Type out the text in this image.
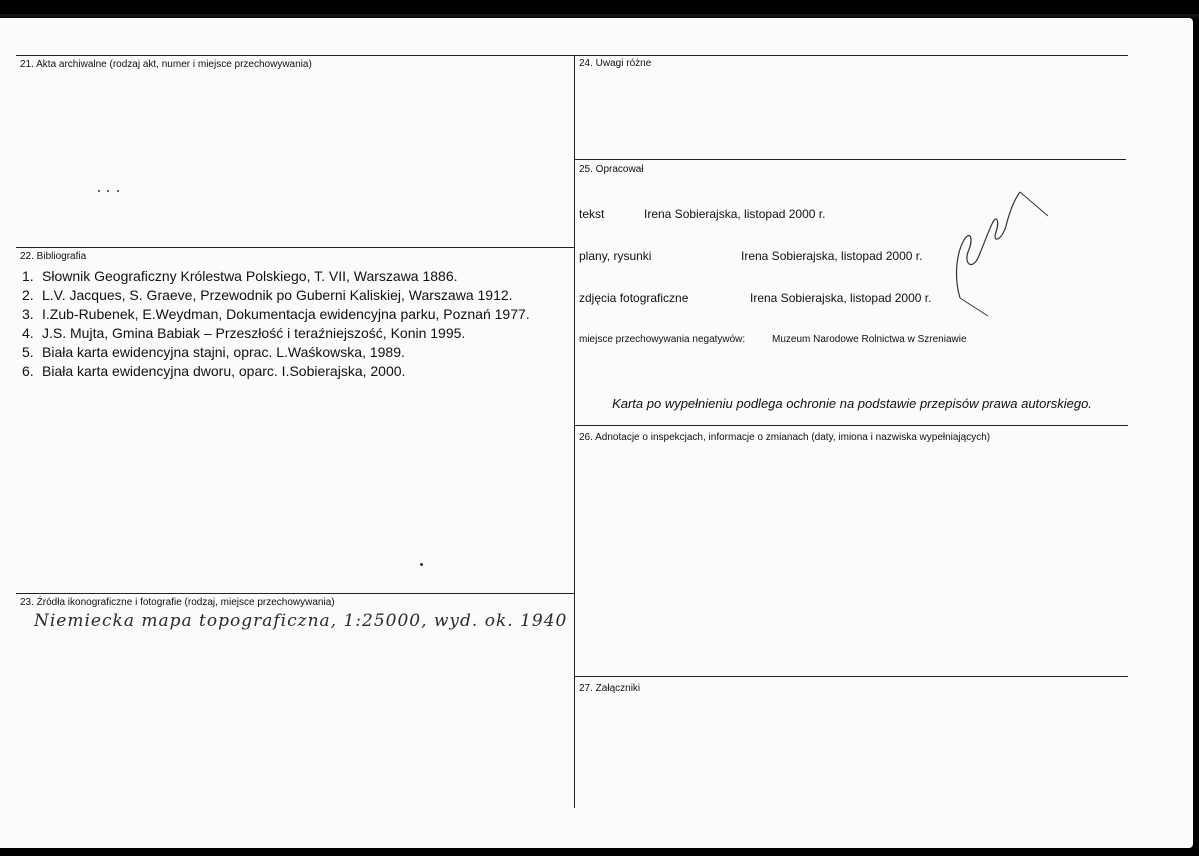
21. Akta archiwalne (rodzaj akt, numer i miejsce przechowywania)
22. Bibliografia
1. Słownik Geograficzny Królestwa Polskiego, T. VII, Warszawa 1886.
2. L.V. Jacques, S. Graeve, Przewodnik po Guberni Kaliskiej, Warszawa 1912.
3. I.Zub-Rubenek, E.Weydman, Dokumentacja ewidencyjna parku, Poznań 1977.
4. J.S. Mujta, Gmina Babiak – Przeszłość i teraźniejszość, Konin 1995.
5. Biała karta ewidencyjna stajni, oprac. L.Waśkowska, 1989.
6. Biała karta ewidencyjna dworu, oparc. I.Sobierajska, 2000.
23. Źródła ikonograficzne i fotografie (rodzaj, miejsce przechowywania)
Niemiecka mapa topograficzna, 1:25000, wyd. ok. 1940
24. Uwagi różne
25. Opracował
tekst	Irena Sobierajska, listopad 2000 r.
plany, rysunki	Irena Sobierajska, listopad 2000 r.
zdjęcia fotograficzne	Irena Sobierajska, listopad 2000 r.
miejsce przechowywania negatywów:	Muzeum Narodowe Rolnictwa w Szreniawie
Karta po wypełnieniu podlega ochronie na podstawie przepisów prawa autorskiego.
26. Adnotacje o inspekcjach, informacje o zmianach (daty, imiona i nazwiska wypełniających)
27. Załączniki
